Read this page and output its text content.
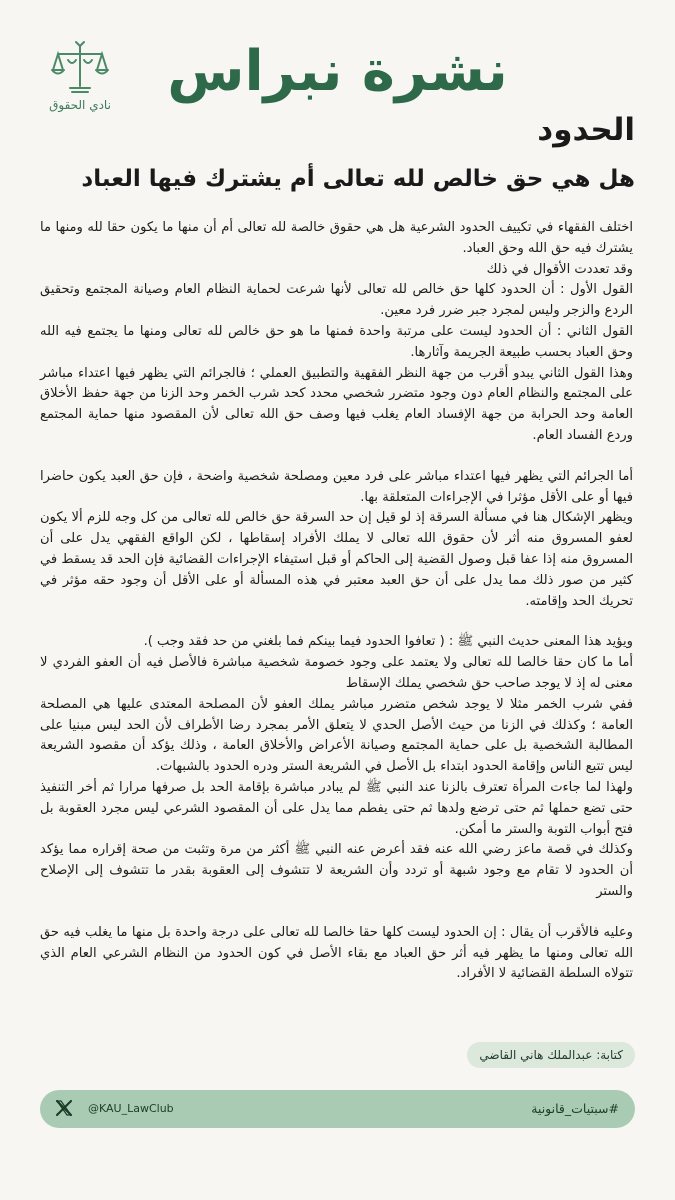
نادي الحقوق
نشرة نبراس
الحدود
هل هي حق خالص لله تعالى أم يشترك فيها العباد

اختلف الفقهاء في تكييف الحدود الشرعية هل هي حقوق خالصة لله تعالى أم أن منها ما يكون حقا لله ومنها ما يشترك فيه حق الله وحق العباد.

وقد تعددت الأقوال في ذلك

القول الأول : أن الحدود كلها حق خالص لله تعالى لأنها شرعت لحماية النظام العام وصيانة المجتمع وتحقيق الردع والزجر وليس لمجرد جبر ضرر فرد معين.

القول الثاني : أن الحدود ليست على مرتبة واحدة فمنها ما هو حق خالص لله تعالى ومنها ما يجتمع فيه الله وحق العباد بحسب طبيعة الجريمة وآثارها.

وهذا القول الثاني يبدو أقرب من جهة النظر الفقهية والتطبيق العملي ؛ فالجرائم التي يظهر فيها اعتداء مباشر على المجتمع والنظام العام دون وجود متضرر شخصي محدد كحد شرب الخمر وحد الزنا من جهة حفظ الأخلاق العامة وحد الحرابة من جهة الإفساد العام يغلب فيها وصف حق الله تعالى لأن المقصود منها حماية المجتمع وردع الفساد العام.

أما الجرائم التي يظهر فيها اعتداء مباشر على فرد معين ومصلحة شخصية واضحة ، فإن حق العبد يكون حاضرا فيها أو على الأقل مؤثرا في الإجراءات المتعلقة بها.

ويظهر الإشكال هنا في مسألة السرقة إذ لو قيل إن حد السرقة حق خالص لله تعالى من كل وجه للزم ألا يكون لعفو المسروق منه أثر لأن حقوق الله تعالى لا يملك الأفراد إسقاطها ، لكن الواقع الفقهي يدل على أن المسروق منه إذا عفا قبل وصول القضية إلى الحاكم أو قبل استيفاء الإجراءات القضائية فإن الحد قد يسقط في كثير من صور ذلك مما يدل على أن حق العبد معتبر في هذه المسألة أو على الأقل أن وجود حقه مؤثر في تحريك الحد وإقامته.

ويؤيد هذا المعنى حديث النبي ﷺ : ( تعافوا الحدود فيما بينكم فما بلغني من حد فقد وجب ).

أما ما كان حقا خالصا لله تعالى ولا يعتمد على وجود خصومة شخصية مباشرة فالأصل فيه أن العفو الفردي لا معنى له إذ لا يوجد صاحب حق شخصي يملك الإسقاط

ففي شرب الخمر مثلا لا يوجد شخص متضرر مباشر يملك العفو لأن المصلحة المعتدى عليها هي المصلحة العامة ؛ وكذلك في الزنا من حيث الأصل الحدي لا يتعلق الأمر بمجرد رضا الأطراف لأن الحد ليس مبنيا على المطالبة الشخصية بل على حماية المجتمع وصيانة الأعراض والأخلاق العامة ، وذلك يؤكد أن مقصود الشريعة ليس تتبع الناس وإقامة الحدود ابتداء بل الأصل في الشريعة الستر ودره الحدود بالشبهات.

ولهذا لما جاءت المرأة تعترف بالزنا عند النبي ﷺ لم يبادر مباشرة بإقامة الحد بل صرفها مرارا ثم أخر التنفيذ حتى تضع حملها ثم حتى ترضع ولدها ثم حتى يفطم مما يدل على أن المقصود الشرعي ليس مجرد العقوبة بل فتح أبواب التوبة والستر ما أمكن.

وكذلك في قصة ماعز رضي الله عنه فقد أعرض عنه النبي ﷺ أكثر من مرة وتثبت من صحة إقراره مما يؤكد أن الحدود لا تقام مع وجود شبهة أو تردد وأن الشريعة لا تتشوف إلى العقوبة بقدر ما تتشوف إلى الإصلاح والستر

وعليه فالأقرب أن يقال : إن الحدود ليست كلها حقا خالصا لله تعالى على درجة واحدة بل منها ما يغلب فيه حق الله تعالى ومنها ما يظهر فيه أثر حق العباد مع بقاء الأصل في كون الحدود من النظام الشرعي العام الذي تتولاه السلطة القضائية لا الأفراد.

كتابة: عبدالملك هاني القاضي
#سبتيات_قانونية
@KAU_LawClub
